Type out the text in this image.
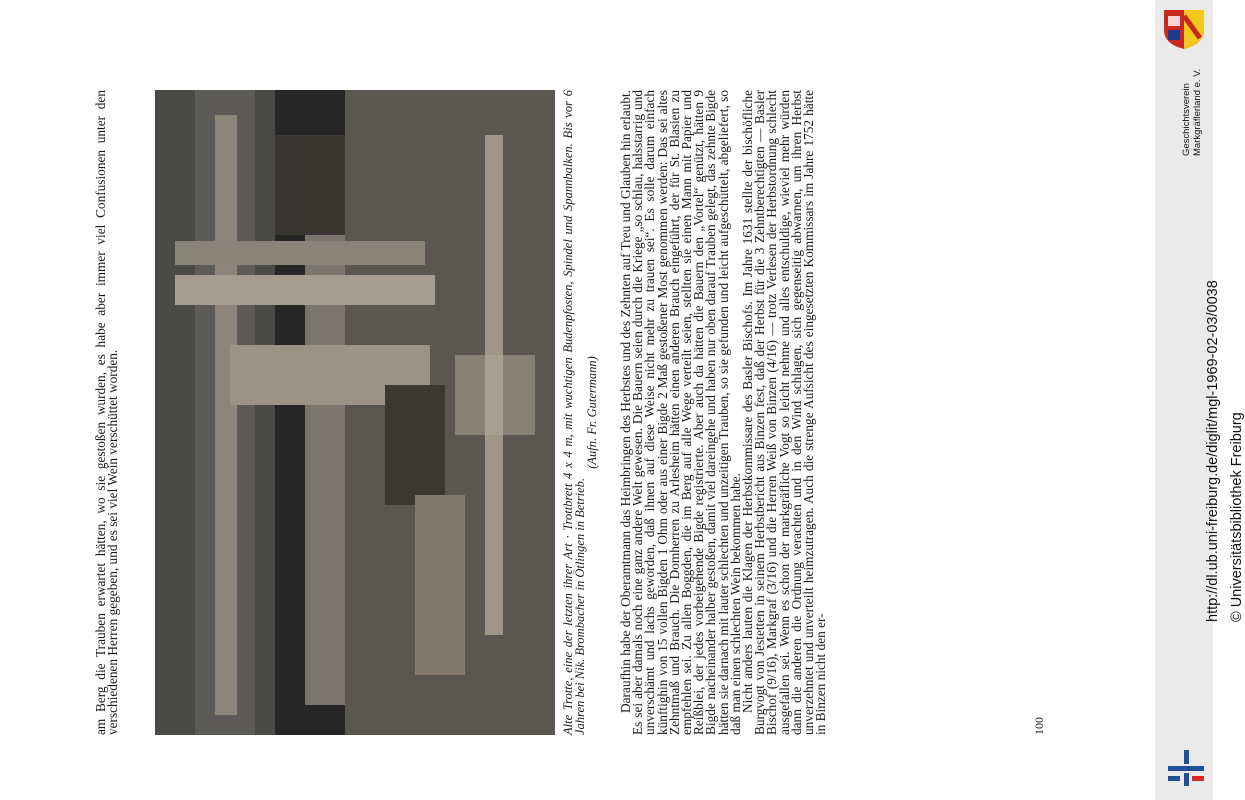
am Berg die Trauben erwartet hätten, wo sie gestoßen wurden, es habe aber immer viel Confusionen unter den verschiedenen Herren gegeben, und es sei viel Wein verschüttet worden.	Alte Trotte, eine der letzten ihrer Art · Trottbrett 4 x 4 m, mit wuchtigen Budenpfosten, Spindel und Spannbalken. Bis vor 6 Jahren bei Nik. Brombacher in Ötlingen in Betrieb.
(Aufn. Fr. Gutermann) Daraufhin habe der Oberamtmann das Heimbringen des Herbstes und des Zehnten auf Treu und Glauben hin erlaubt. Es sei aber damals noch eine ganz andere Welt gewesen. Die Bauern seien durch die Kriege „so schlau, halsstarrig und unverschämt und lachs geworden, daß ihnen auf diese Weise nicht mehr zu trauen sei“. Es solle darum einfach künftighin von 15 vollen Bigden 1 Ohm oder aus einer Bigde 2 Maß gestoßener Most genommen werden: Das sei altes Zehntmaß und Brauch. Die Domherren zu Arlesheim hätten einen anderen Brauch eingeführt, der für St. Blasien zu empfehlen sei. Zu allen Boggden, die im Berg auf alle Wege verteilt seien, stellten sie einen Mann mit Papier und Reißblei, der jedes vorbeigehende Bigde registrierte. Aber auch da hätten die Bauern den „Vortel“ genützt, hätten 9 Bigde nacheinander halber gestoßen, damit viel dareingehe und haben nur oben darauf Trauben gelegt, das zehnte Bigde hätten sie darnach mit lauter schlechten und unzeitigen Trauben, so sie gefunden und leicht aufgeschüttelt, abgeliefert, so daß man einen schlechten Wein bekommen habe.

Nicht anders lauten die Klagen der Herbstkommissare des Basler Bischofs. Im Jahre 1631 stellte der bischöfliche Burgvogt von Jestetten in seinem Herbstbericht aus Binzen fest, daß der Herbst für die 3 Zehntberechtigten — Basler Bischof (9/16), Markgraf (3/16) und die Herren Weiß von Binzen (4/16) — trotz Verlesen der Herbstordnung schlecht ausgefallen sei. Wenn es schon der markgräfliche Vogt so leicht nehme und alles entschuldige, wieviel mehr würden dann die anderen die Ordnung verachten und in den Wind schlagen, sich gegenseitig abwarnen, um ihren Herbst unverzehntet und unverteilt heimzutragen. Auch die strenge Aufsicht des eingesetzten Kommissars im Jahre 1752 hätte in Binzen nicht den er-	100
Geschichtsverein Markgräflerland e. V.
http://dl.ub.uni-freiburg.de/diglit/mgl-1969-02-03/0038 © Universitätsbibliothek Freiburg
